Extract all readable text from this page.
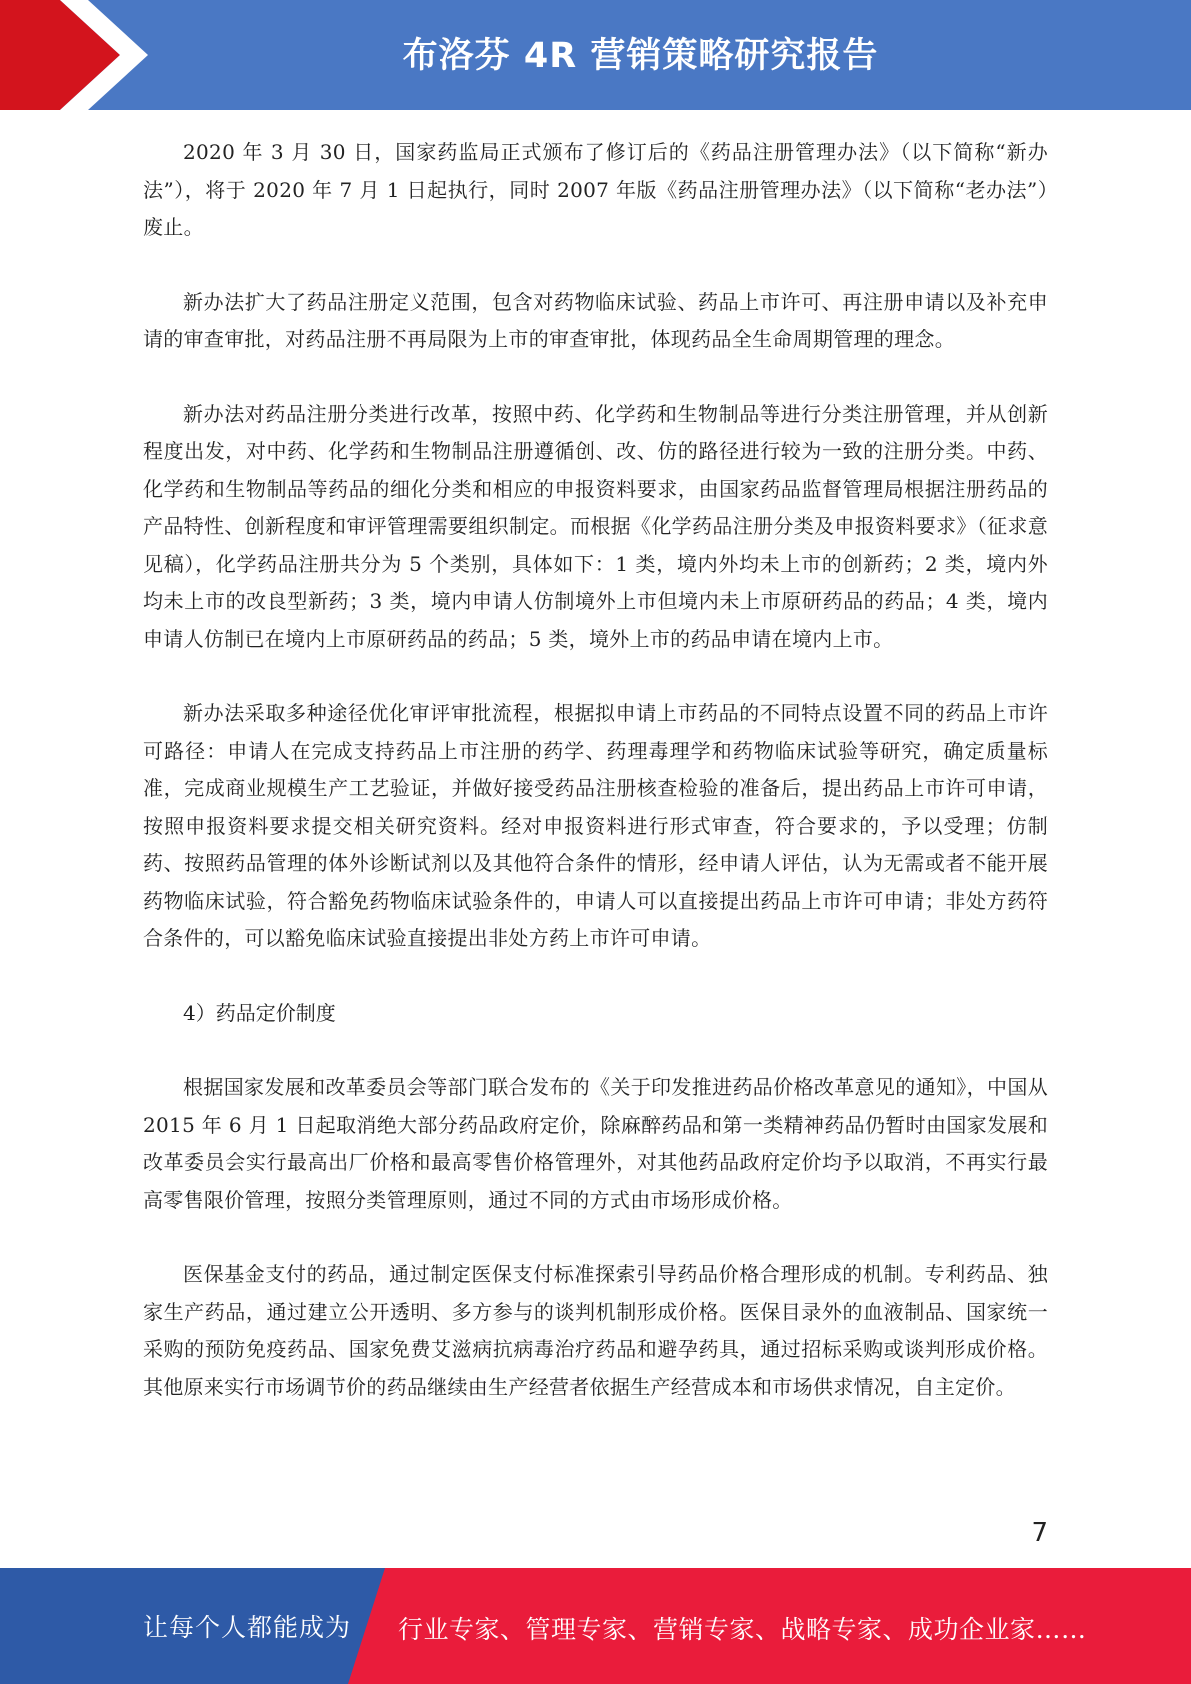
布洛芬 4R 营销策略研究报告

2020 年 3 月 30 日，国家药监局正式颁布了修订后的《药品注册管理办法》（以下简称“新办法”），将于 2020 年 7 月 1 日起执行，同时 2007 年版《药品注册管理办法》（以下简称“老办法”）废止。

新办法扩大了药品注册定义范围，包含对药物临床试验、药品上市许可、再注册申请以及补充申请的审查审批，对药品注册不再局限为上市的审查审批，体现药品全生命周期管理的理念。

新办法对药品注册分类进行改革，按照中药、化学药和生物制品等进行分类注册管理，并从创新程度出发，对中药、化学药和生物制品注册遵循创、改、仿的路径进行较为一致的注册分类。中药、化学药和生物制品等药品的细化分类和相应的申报资料要求，由国家药品监督管理局根据注册药品的产品特性、创新程度和审评管理需要组织制定。而根据《化学药品注册分类及申报资料要求》（征求意见稿），化学药品注册共分为 5 个类别，具体如下：1 类，境内外均未上市的创新药；2 类，境内外均未上市的改良型新药；3 类，境内申请人仿制境外上市但境内未上市原研药品的药品；4 类，境内申请人仿制已在境内上市原研药品的药品；5 类，境外上市的药品申请在境内上市。

新办法采取多种途径优化审评审批流程，根据拟申请上市药品的不同特点设置不同的药品上市许可路径：申请人在完成支持药品上市注册的药学、药理毒理学和药物临床试验等研究，确定质量标准，完成商业规模生产工艺验证，并做好接受药品注册核查检验的准备后，提出药品上市许可申请，按照申报资料要求提交相关研究资料。经对申报资料进行形式审查，符合要求的，予以受理；仿制药、按照药品管理的体外诊断试剂以及其他符合条件的情形，经申请人评估，认为无需或者不能开展药物临床试验，符合豁免药物临床试验条件的，申请人可以直接提出药品上市许可申请；非处方药符合条件的，可以豁免临床试验直接提出非处方药上市许可申请。

4）药品定价制度

根据国家发展和改革委员会等部门联合发布的《关于印发推进药品价格改革意见的通知》，中国从 2015 年 6 月 1 日起取消绝大部分药品政府定价，除麻醉药品和第一类精神药品仍暂时由国家发展和改革委员会实行最高出厂价格和最高零售价格管理外，对其他药品政府定价均予以取消，不再实行最高零售限价管理，按照分类管理原则，通过不同的方式由市场形成价格。

医保基金支付的药品，通过制定医保支付标准探索引导药品价格合理形成的机制。专利药品、独家生产药品，通过建立公开透明、多方参与的谈判机制形成价格。医保目录外的血液制品、国家统一采购的预防免疫药品、国家免费艾滋病抗病毒治疗药品和避孕药具，通过招标采购或谈判形成价格。其他原来实行市场调节价的药品继续由生产经营者依据生产经营成本和市场供求情况，自主定价。

7
让每个人都能成为 行业专家、管理专家、营销专家、战略专家、成功企业家……
